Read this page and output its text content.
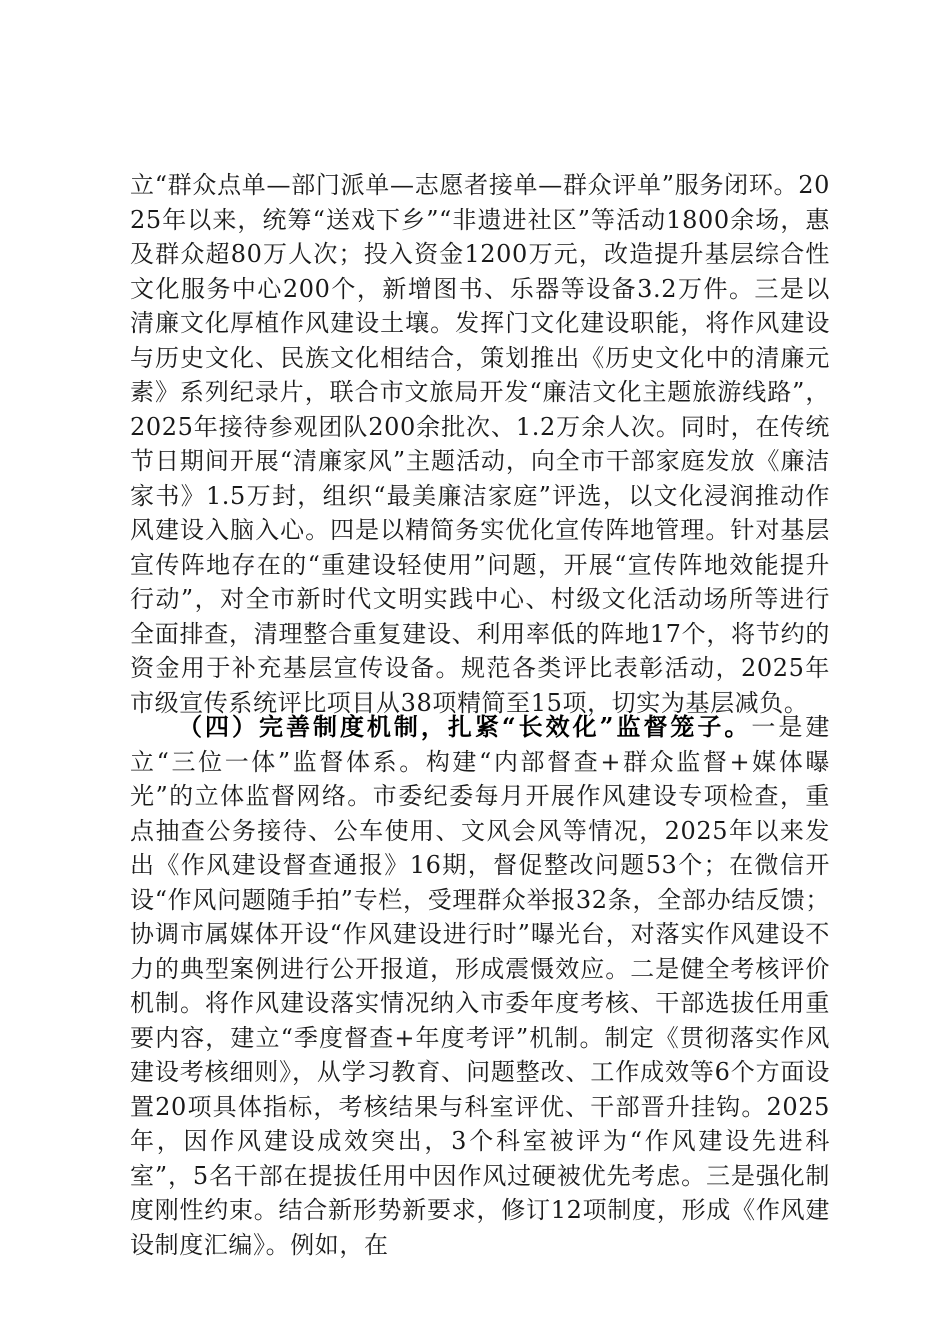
立“群众点单—部门派单—志愿者接单—群众评单”服务闭环。2025年以来，统筹“送戏下乡”“非遗进社区”等活动1800余场，惠及群众超80万人次；投入资金1200万元，改造提升基层综合性文化服务中心200个，新增图书、乐器等设备3.2万件。三是以清廉文化厚植作风建设土壤。发挥门文化建设职能，将作风建设与历史文化、民族文化相结合，策划推出《历史文化中的清廉元素》系列纪录片，联合市文旅局开发“廉洁文化主题旅游线路”，2025年接待参观团队200余批次、1.2万余人次。同时，在传统节日期间开展“清廉家风”主题活动，向全市干部家庭发放《廉洁家书》1.5万封，组织“最美廉洁家庭”评选，以文化浸润推动作风建设入脑入心。四是以精简务实优化宣传阵地管理。针对基层宣传阵地存在的“重建设轻使用”问题，开展“宣传阵地效能提升行动”，对全市新时代文明实践中心、村级文化活动场所等进行全面排查，清理整合重复建设、利用率低的阵地17个，将节约的资金用于补充基层宣传设备。规范各类评比表彰活动，2025年市级宣传系统评比项目从38项精简至15项，切实为基层减负。

（四）完善制度机制，扎紧“长效化”监督笼子。一是建立“三位一体”监督体系。构建“内部督查+群众监督+媒体曝光”的立体监督网络。市委纪委每月开展作风建设专项检查，重点抽查公务接待、公车使用、文风会风等情况，2025年以来发出《作风建设督查通报》16期，督促整改问题53个；在微信开设“作风问题随手拍”专栏，受理群众举报32条，全部办结反馈；协调市属媒体开设“作风建设进行时”曝光台，对落实作风建设不力的典型案例进行公开报道，形成震慑效应。二是健全考核评价机制。将作风建设落实情况纳入市委年度考核、干部选拔任用重要内容，建立“季度督查+年度考评”机制。制定《贯彻落实作风建设考核细则》，从学习教育、问题整改、工作成效等6个方面设置20项具体指标，考核结果与科室评优、干部晋升挂钩。2025年，因作风建设成效突出，3个科室被评为“作风建设先进科室”，5名干部在提拔任用中因作风过硬被优先考虑。三是强化制度刚性约束。结合新形势新要求，修订12项制度，形成《作风建设制度汇编》。例如，在
